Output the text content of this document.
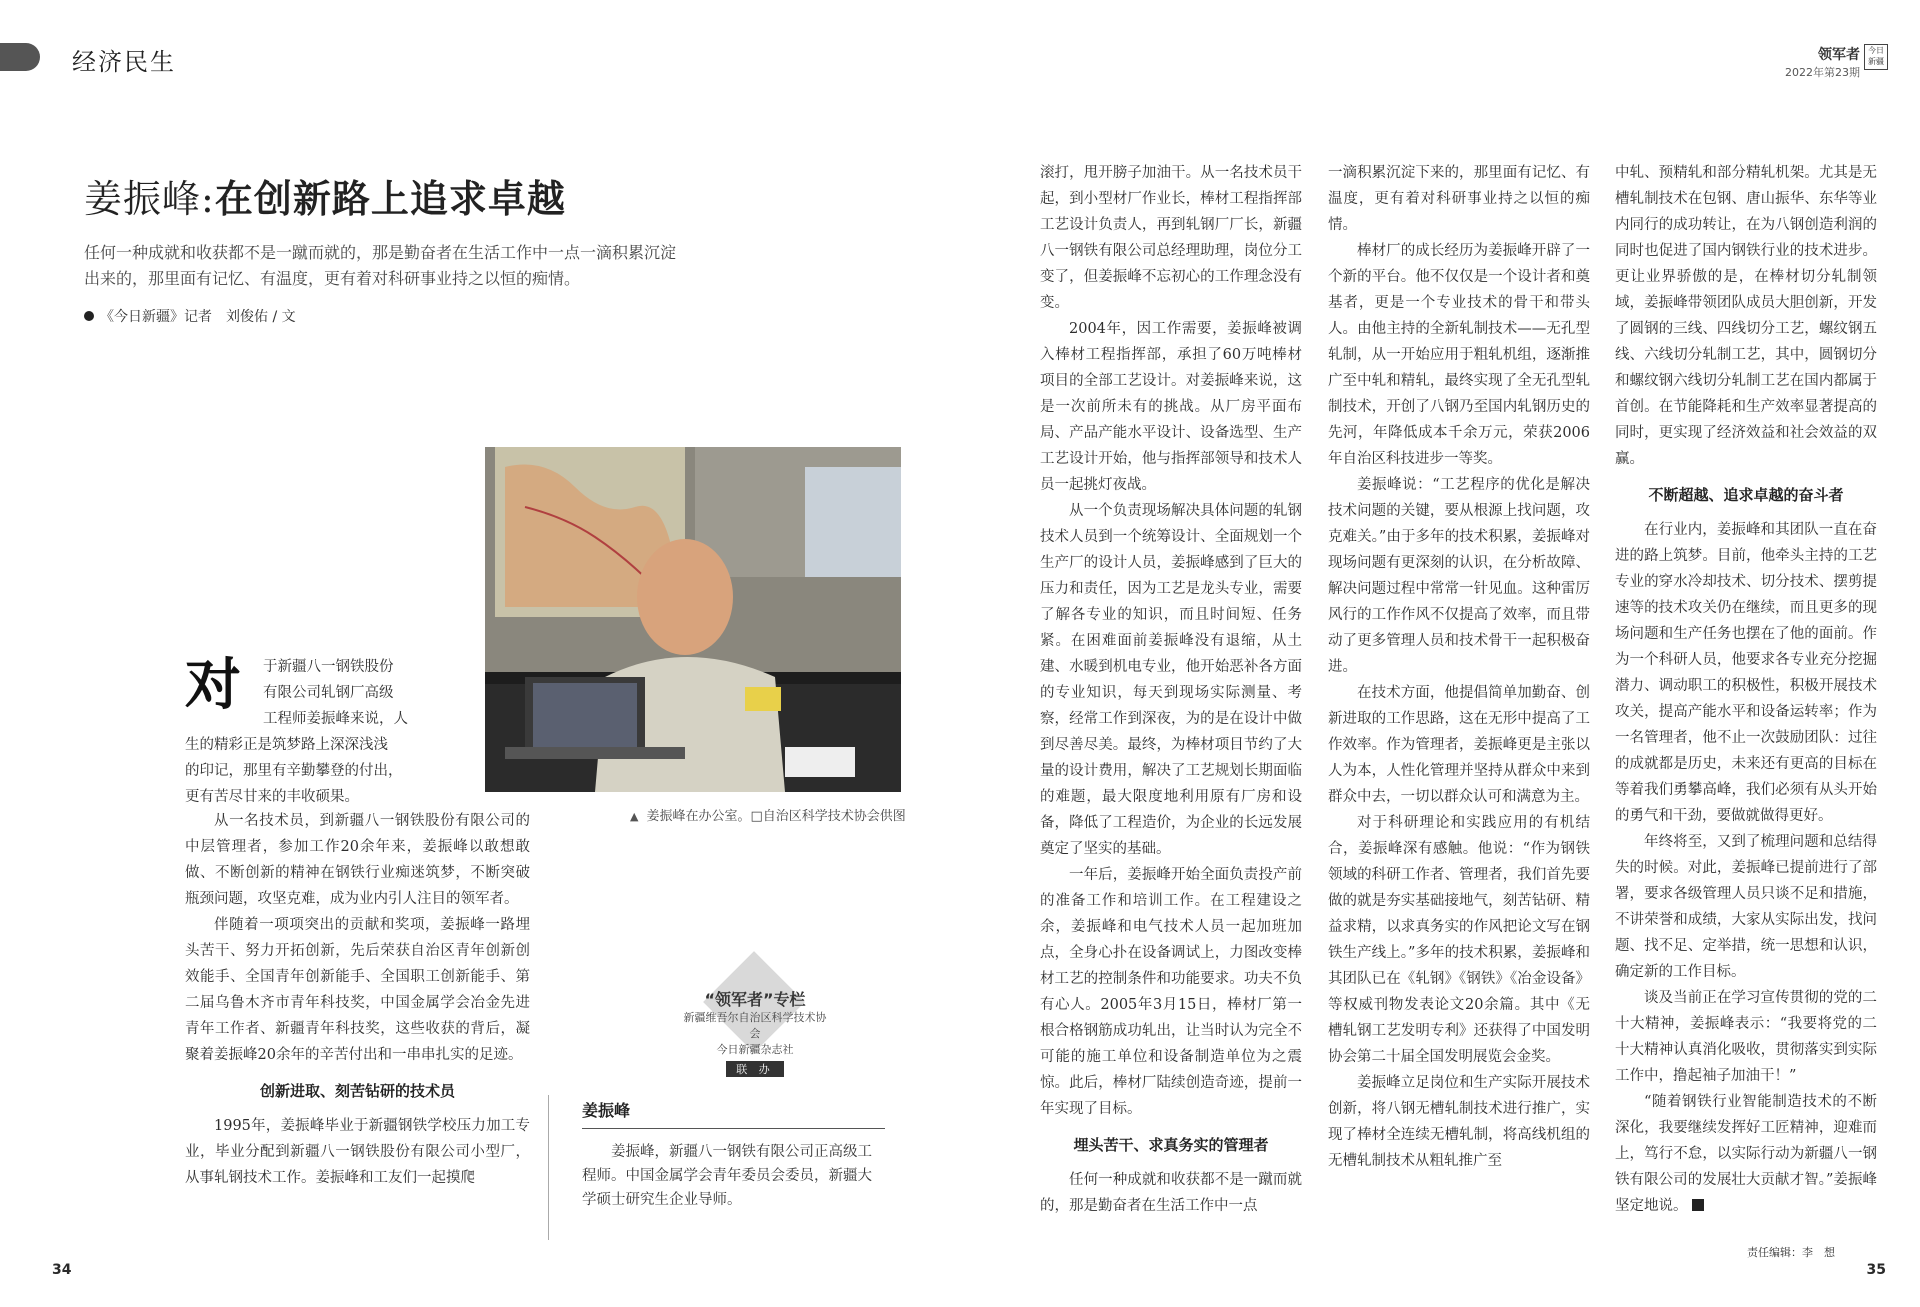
经济民生	领军者
2022年第23期
今日新疆
姜振峰:在创新路上追求卓越
任何一种成就和收获都不是一蹴而就的，那是勤奋者在生活工作中一点一滴积累沉淀出来的，那里面有记忆、有温度，更有着对科研事业持之以恒的痴情。
《今日新疆》记者　刘俊佑 / 文
▲ 姜振峰在办公室。□自治区科学技术协会供图
对 于新疆八一钢铁股份
有限公司轧钢厂高级
工程师姜振峰来说，人
生的精彩正是筑梦路上深深浅浅
的印记，那里有辛勤攀登的付出，
更有苦尽甘来的丰收硕果。

从一名技术员，到新疆八一钢铁股份有限公司的中层管理者，参加工作20余年来，姜振峰以敢想敢做、不断创新的精神在钢铁行业痴迷筑梦，不断突破瓶颈问题，攻坚克难，成为业内引人注目的领军者。

伴随着一项项突出的贡献和奖项，姜振峰一路埋头苦干、努力开拓创新，先后荣获自治区青年创新创效能手、全国青年创新能手、全国职工创新能手、第二届乌鲁木齐市青年科技奖，中国金属学会冶金先进青年工作者、新疆青年科技奖，这些收获的背后，凝聚着姜振峰20余年的辛苦付出和一串串扎实的足迹。

创新进取、刻苦钻研的技术员

1995年，姜振峰毕业于新疆钢铁学校压力加工专业，毕业分配到新疆八一钢铁股份有限公司小型厂，从事轧钢技术工作。姜振峰和工友们一起摸爬

“领军者”专栏
新疆维吾尔自治区科学技术协会
今日新疆杂志社
联 办
姜振峰
姜振峰，新疆八一钢铁有限公司正高级工程师。中国金属学会青年委员会委员，新疆大学硕士研究生企业导师。

滚打，甩开膀子加油干。从一名技术员干起，到小型材厂作业长，棒材工程指挥部工艺设计负责人，再到轧钢厂厂长，新疆八一钢铁有限公司总经理助理，岗位分工变了，但姜振峰不忘初心的工作理念没有变。

2004年，因工作需要，姜振峰被调入棒材工程指挥部，承担了60万吨棒材项目的全部工艺设计。对姜振峰来说，这是一次前所未有的挑战。从厂房平面布局、产品产能水平设计、设备选型、生产工艺设计开始，他与指挥部领导和技术人员一起挑灯夜战。

从一个负责现场解决具体问题的轧钢技术人员到一个统筹设计、全面规划一个生产厂的设计人员，姜振峰感到了巨大的压力和责任，因为工艺是龙头专业，需要了解各专业的知识，而且时间短、任务紧。在困难面前姜振峰没有退缩，从土建、水暖到机电专业，他开始恶补各方面的专业知识，每天到现场实际测量、考察，经常工作到深夜，为的是在设计中做到尽善尽美。最终，为棒材项目节约了大量的设计费用，解决了工艺规划长期面临的难题，最大限度地利用原有厂房和设备，降低了工程造价，为企业的长远发展奠定了坚实的基础。

一年后，姜振峰开始全面负责投产前的准备工作和培训工作。在工程建设之余，姜振峰和电气技术人员一起加班加点，全身心扑在设备调试上，力图改变棒材工艺的控制条件和功能要求。功夫不负有心人。2005年3月15日，棒材厂第一根合格钢筋成功轧出，让当时认为完全不可能的施工单位和设备制造单位为之震惊。此后，棒材厂陆续创造奇迹，提前一年实现了目标。

埋头苦干、求真务实的管理者

任何一种成就和收获都不是一蹴而就的，那是勤奋者在生活工作中一点

一滴积累沉淀下来的，那里面有记忆、有温度，更有着对科研事业持之以恒的痴情。

棒材厂的成长经历为姜振峰开辟了一个新的平台。他不仅仅是一个设计者和奠基者，更是一个专业技术的骨干和带头人。由他主持的全新轧制技术——无孔型轧制，从一开始应用于粗轧机组，逐渐推广至中轧和精轧，最终实现了全无孔型轧制技术，开创了八钢乃至国内轧钢历史的先河，年降低成本千余万元，荣获2006年自治区科技进步一等奖。

姜振峰说：“工艺程序的优化是解决技术问题的关键，要从根源上找问题，攻克难关。”由于多年的技术积累，姜振峰对现场问题有更深刻的认识，在分析故障、解决问题过程中常常一针见血。这种雷厉风行的工作作风不仅提高了效率，而且带动了更多管理人员和技术骨干一起积极奋进。

在技术方面，他提倡简单加勤奋、创新进取的工作思路，这在无形中提高了工作效率。作为管理者，姜振峰更是主张以人为本，人性化管理并坚持从群众中来到群众中去，一切以群众认可和满意为主。

对于科研理论和实践应用的有机结合，姜振峰深有感触。他说：“作为钢铁领域的科研工作者、管理者，我们首先要做的就是夯实基础接地气，刻苦钻研、精益求精，以求真务实的作风把论文写在钢铁生产线上。”多年的技术积累，姜振峰和其团队已在《轧钢》《钢铁》《冶金设备》等权威刊物发表论文20余篇。其中《无槽轧钢工艺发明专利》还获得了中国发明协会第二十届全国发明展览会金奖。

姜振峰立足岗位和生产实际开展技术创新，将八钢无槽轧制技术进行推广，实现了棒材全连续无槽轧制，将高线机组的无槽轧制技术从粗轧推广至

中轧、预精轧和部分精轧机架。尤其是无槽轧制技术在包钢、唐山振华、东华等业内同行的成功转让，在为八钢创造利润的同时也促进了国内钢铁行业的技术进步。更让业界骄傲的是，在棒材切分轧制领域，姜振峰带领团队成员大胆创新，开发了圆钢的三线、四线切分工艺，螺纹钢五线、六线切分轧制工艺，其中，圆钢切分和螺纹钢六线切分轧制工艺在国内都属于首创。在节能降耗和生产效率显著提高的同时，更实现了经济效益和社会效益的双赢。

不断超越、追求卓越的奋斗者

在行业内，姜振峰和其团队一直在奋进的路上筑梦。目前，他牵头主持的工艺专业的穿水冷却技术、切分技术、摆剪提速等的技术攻关仍在继续，而且更多的现场问题和生产任务也摆在了他的面前。作为一个科研人员，他要求各专业充分挖掘潜力、调动职工的积极性，积极开展技术攻关，提高产能水平和设备运转率；作为一名管理者，他不止一次鼓励团队：过往的成就都是历史，未来还有更高的目标在等着我们勇攀高峰，我们必须有从头开始的勇气和干劲，要做就做得更好。

年终将至，又到了梳理问题和总结得失的时候。对此，姜振峰已提前进行了部署，要求各级管理人员只谈不足和措施，不讲荣誉和成绩，大家从实际出发，找问题、找不足、定举措，统一思想和认识，确定新的工作目标。

谈及当前正在学习宣传贯彻的党的二十大精神，姜振峰表示：“我要将党的二十大精神认真消化吸收，贯彻落实到实际工作中，撸起袖子加油干！”

“随着钢铁行业智能制造技术的不断深化，我要继续发挥好工匠精神，迎难而上，笃行不怠，以实际行动为新疆八一钢铁有限公司的发展壮大贡献才智。”姜振峰坚定地说。

34
责任编辑：李　想
35
